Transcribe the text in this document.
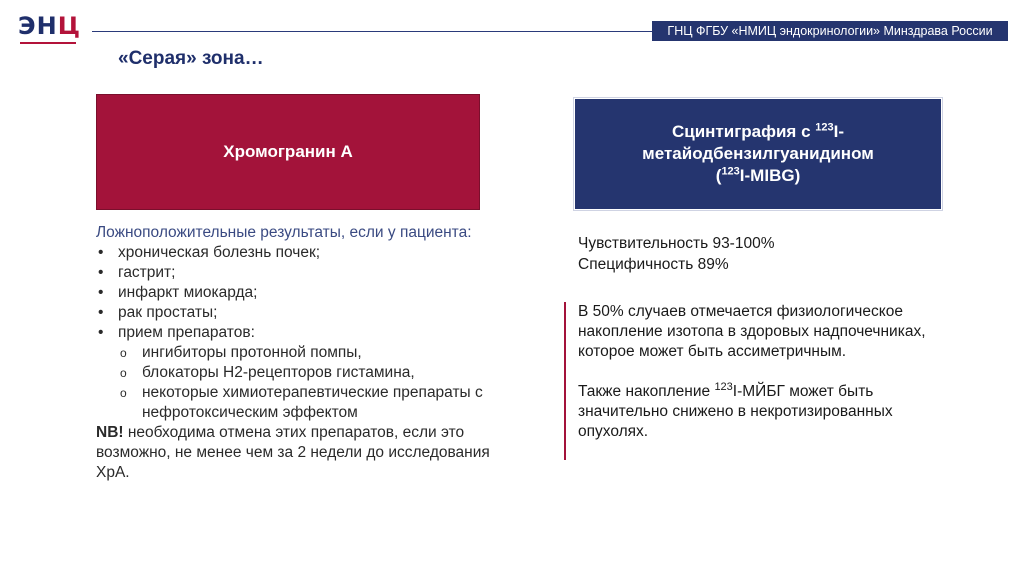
ЭНЦ	ГНЦ ФГБУ «НМИЦ эндокринологии» Минздрава России
«Серая» зона…
Хромогранин А
Сцинтиграфия с $^{123}$I-
метайодбензилгуанидином
($^{123}$I-MIBG)
Ложноположительные результаты, если у пациента:
• хроническая болезнь почек;
• гастрит;
• инфаркт миокарда;
• рак простаты;
• прием препаратов:
o ингибиторы протонной помпы,
o блокаторы Н2-рецепторов гистамина,
o некоторые химиотерапевтические препараты с нефротоксическим эффектом
NB! необходима отмена этих препаратов, если это возможно, не менее чем за 2 недели до исследования ХрА.
Чувствительность 93-100%
Специфичность 89%
В 50% случаев отмечается физиологическое накопление изотопа в здоровых надпочечниках, которое может быть ассиметричным.
Также накопление $^{123}$I-МЙБГ может быть значительно снижено в некротизированных опухолях.
